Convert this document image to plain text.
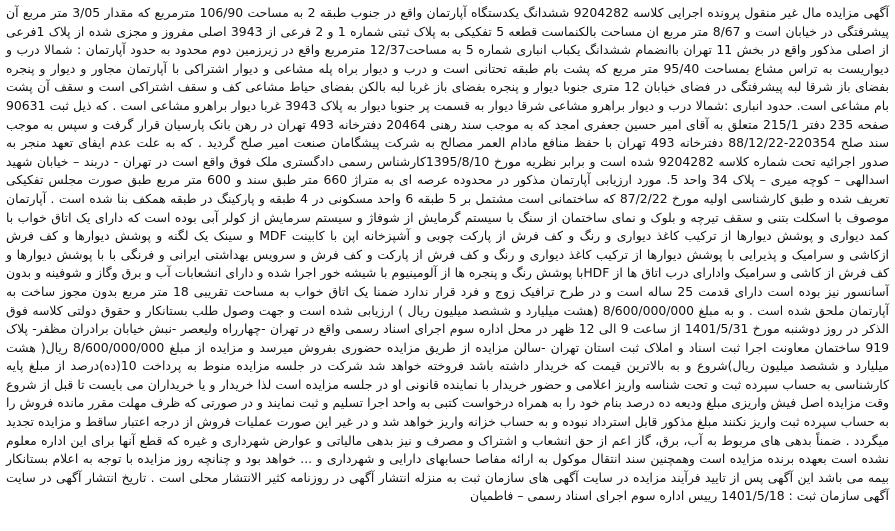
آگهی مزایده مال غیر منقول پرونده اجرایی کلاسه 9204282 ششدانگ یکدستگاه آپارتمان واقع در جنوب طبقه 2 به مساحت 106/90 مترمربع که مقدار 3/05 متر مربع آن پیشرفتگی در خیابان است و 8/67 متر مربع ان مساحت بالکنماست قطعه 5 تفکیکی به پلاک ثبتی شماره 1 و 2 فرعی از 3943 اصلی مفروز و مجزی شده از پلاک 1فرعی از اصلی مذکور واقع در بخش 11 تهران باانضمام ششدانگ یکباب انباری شماره 5 به مساحت12/37 مترمربع واقع در زیرزمین دوم محدود به حدود آپارتمان : شمالا درب و دیواریست به تراس مشاع بمساحت 95/40 متر مربع که پشت بام طبقه تحتانی است و درب و دیوار براه پله مشاعی و دیوار اشتراکی با آپارتمان مجاور و دیوار و پنجره بفضای باز شرقا لبه پیشرفتگی در فضای خیابان 12 متری جنوبا دیوار و پنجره بفضای باز غربا لبه بالکن بفضای حیاط مشاعی کف و سقف اشتراکی است و سقف آن پشت بام مشاعی است. حدود انباری :شمالا درب و دیوار براهرو مشاعی شرقا دیوار به قسمت پر جنوبا دیوار به پلاک 3943 غربا دیوار براهرو مشاعی است . که ذیل ثبت 90631 صفحه 235 دفتر 215/1 متعلق به آقای امیر حسین جعفری امجد که به موجب سند رهنی 20464 دفترخانه 493 تهران در رهن بانک پارسیان قرار گرفت و سپس به موجب سند صلح 220354-88/12/22 دفترخانه 493 تهران با حفظ منافع مادام العمر مصالح به شرکت پیشگامان صنعت امیر صلح گردید . که به علت عدم ایفای تعهد منجر به صدور اجرائیه تحت شماره کلاسه 9204282 شده است و برابر نظریه مورخ 1395/8/10کارشناس رسمی دادگستری ملک فوق واقع است در تهران - دربند – خیابان شهید اسدالهی – کوچه میری – پلاک 34 واحد 5. مورد ارزیابی آپارتمان مذکور در محدوده عرصه ای به متراژ 660 متر طبق سند و 600 متر مربع طبق صورت مجلس تفکیکی تعریف شده و طبق کارشناسی اولیه مورخ 87/2/22 که ساختمانی است مشتمل بر 5 طبقه 6 واحد مسکونی در 4 طبقه و پارکینگ در طبقه همکف بنا شده است . آپارتمان موصوف با اسکلت بتنی و سقف تیرچه و بلوک و نمای ساختمان از سنگ با سیستم گرمایش از شوفاژ و سیستم سرمایش از کولر آبی بوده است که دارای یک اتاق خواب با کمد دیواری و پوشش دیوارها از ترکیب کاغذ دیواری و رنگ و کف فرش از پارکت چوبی و آشپزخانه اپن با کابینت MDF و سینک یک لگنه و پوشش دیوارها و کف فرش ازکاشی و سرامیک و پذیرایی با پوشش دیوارها از ترکیب کاغذ دیواری و رنگ و کف فرش از پارکت و کف فرش و سرویس بهداشتی ایرانی و فرنگی با با پوشش دیوارها و کف فرش از کاشی و سرامیک وادارای درب اتاق ها از HDFبا پوشش رنگ و پنجره ها از آلومینیوم با شیشه خور اجرا شده و دارای انشعابات آب و برق وگاز و شوفینه و بدون آسانسور نیز بوده است دارای قدمت 25 ساله است و در طرح ترافیک زوج و فرد قرار ندارد ضمنا یک اتاق خواب به مساحت تقریبی 18 متر مربع بدون مجوز ساخت به آپارتمان ملحق شده است . و به مبلغ 8/600/000/000 (هشت میلیارد و ششصد میلیون ریال ) ارزیابی شده است و جهت وصول طلب بستانکار و حقوق دولتی کلاسه فوق الذکر در روز دوشنبه مورخ 1401/5/31 از ساعت 9 الی 12 ظهر در محل اداره سوم اجرای اسناد رسمی واقع در تهران -چهارراه ولیعصر -نبش خیابان برادران مظفر- پلاک 919 ساختمان معاونت اجرا ثبت اسناد و املاک ثبت استان تهران -سالن مزایده از طریق مزایده حضوری بفروش میرسد و مزایده از مبلغ 8/600/000/000 ریال( هشت میلیارد و ششصد میلیون ریال)شروع و به بالاترین قیمت که خریدار داشته باشد فروخته خواهد شد شرکت در جلسه مزایده منوط به پرداخت 10(ده)درصد از مبلغ پایه کارشناسی به حساب سپرده ثبت و تحت شناسه واریز اعلامی و حضور خریدار با نماینده قانونی او در جلسه مزایده است لذا خریدار و یا خریداران می بایست تا قبل از شروع وقت مزایده اصل فیش واریزی مبلغ ودیعه ده درصد بنام خود را به همراه درخواست کتبی به واحد اجرا تسلیم و ثبت نمایند و در صورتی که ظرف مهلت مقرر مانده فروش را به حساب سپرده ثبت واریز نکنند مبلغ مذکور قابل استرداد نبوده و به حساب خزانه واریز خواهد شد و در غیر این صورت عملیات فروش از درجه اعتبار ساقط و مزایده تجدید میگردد . ضمناً بدهی های مربوط به آب، برق، گاز اعم از حق انشعاب و اشتراک و مصرف و نیز بدهی مالیاتی و عوارض شهرداری و غیره که قطع آنها برای این اداره معلوم نشده است بعهده برنده مزایده است وهمچنین سند انتقال موکول به ارائه مفاصا حسابهای دارایی و شهرداری و ... خواهد بود و چنانچه روز مزایده با توجه به اعلام بستانکار بیمه می باشد این آگهی پس از تایید فرآیند مزایده در سایت آگهی های سازمان ثبت به منزله انتشار آگهی در روزنامه کثیر الانتشار محلی است . تاریخ انتشار آگهی در سایت آگهی سازمان ثبت : 1401/5/18 رییس اداره سوم اجرای اسناد رسمی – فاطمیان
